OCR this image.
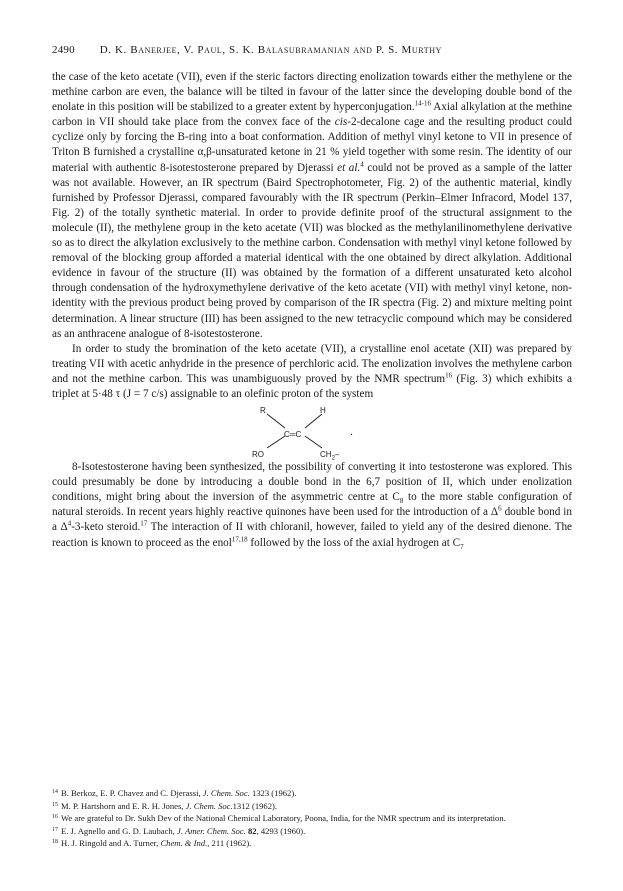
2490 D. K. Banerjee, V. Paul, S. K. Balasubramanian and P. S. Murthy

the case of the keto acetate (VII), even if the steric factors directing enolization towards either the methylene or the methine carbon are even, the balance will be tilted in favour of the latter since the developing double bond of the enolate in this position will be stabilized to a greater extent by hyperconjugation.$^{14-16}$ Axial alkylation at the methine carbon in VII should take place from the convex face of the cis-2-decalone cage and the resulting product could cyclize only by forcing the B-ring into a boat conformation. Addition of methyl vinyl ketone to VII in presence of Triton B furnished a crystalline α,β-unsaturated ketone in 21 % yield together with some resin. The identity of our material with authentic 8-isotestosterone prepared by Djerassi et al.$^4$ could not be proved as a sample of the latter was not available. However, an IR spectrum (Baird Spectrophotometer, Fig. 2) of the authentic material, kindly furnished by Professor Djerassi, compared favourably with the IR spectrum (Perkin–Elmer Infracord, Model 137, Fig. 2) of the totally synthetic material. In order to provide definite proof of the structural assignment to the molecule (II), the methylene group in the keto acetate (VII) was blocked as the methylanilinomethylene derivative so as to direct the alkylation exclusively to the methine carbon. Condensation with methyl vinyl ketone followed by removal of the blocking group afforded a material identical with the one obtained by direct alkylation. Additional evidence in favour of the structure (II) was obtained by the formation of a different unsaturated keto alcohol through condensation of the hydroxymethylene derivative of the keto acetate (VII) with methyl vinyl ketone, non-identity with the previous product being proved by comparison of the IR spectra (Fig. 2) and mixture melting point determination. A linear structure (III) has been assigned to the new tetracyclic compound which may be considered as an anthracene analogue of 8-isotestosterone.

In order to study the bromination of the keto acetate (VII), a crystalline enol acetate (XII) was prepared by treating VII with acetic anhydride in the presence of perchloric acid. The enolization involves the methylene carbon and not the methine carbon. This was unambiguously proved by the NMR spectrum$^{16}$ (Fig. 3) which exhibits a triplet at 5·48 τ (J = 7 c/s) assignable to an olefinic proton of the system

R	H
C═C	.
RO	$CH_2-$

8-Isotestosterone having been synthesized, the possibility of converting it into testosterone was explored. This could presumably be done by introducing a double bond in the 6,7 position of II, which under enolization conditions, might bring about the inversion of the asymmetric centre at $C_8$ to the more stable configuration of natural steroids. In recent years highly reactive quinones have been used for the introduction of a $\Delta^6$ double bond in a $\Delta^4-3$-keto steroid.$^{17}$ The interaction of II with chloranil, however, failed to yield any of the desired dienone. The reaction is known to proceed as the enol$^{17,18}$ followed by the loss of the axial hydrogen at $C_7$

$^{14}$ B. Berkoz, E. P. Chavez and C. Djerassi, J. Chem. Soc. 1323 (1962).
$^{15}$ M. P. Hartshorn and E. R. H. Jones, J. Chem. Soc.1312 (1962).
$^{16}$ We are grateful to Dr. Sukh Dev of the National Chemical Laboratory, Poona, India, for the NMR spectrum and its interpretation.
$^{17}$ E. J. Agnello and G. D. Laubach, J. Amer. Chem. Soc. 82, 4293 (1960).
$^{18}$ H. J. Ringold and A. Turner, Chem. & Ind., 211 (1962).
